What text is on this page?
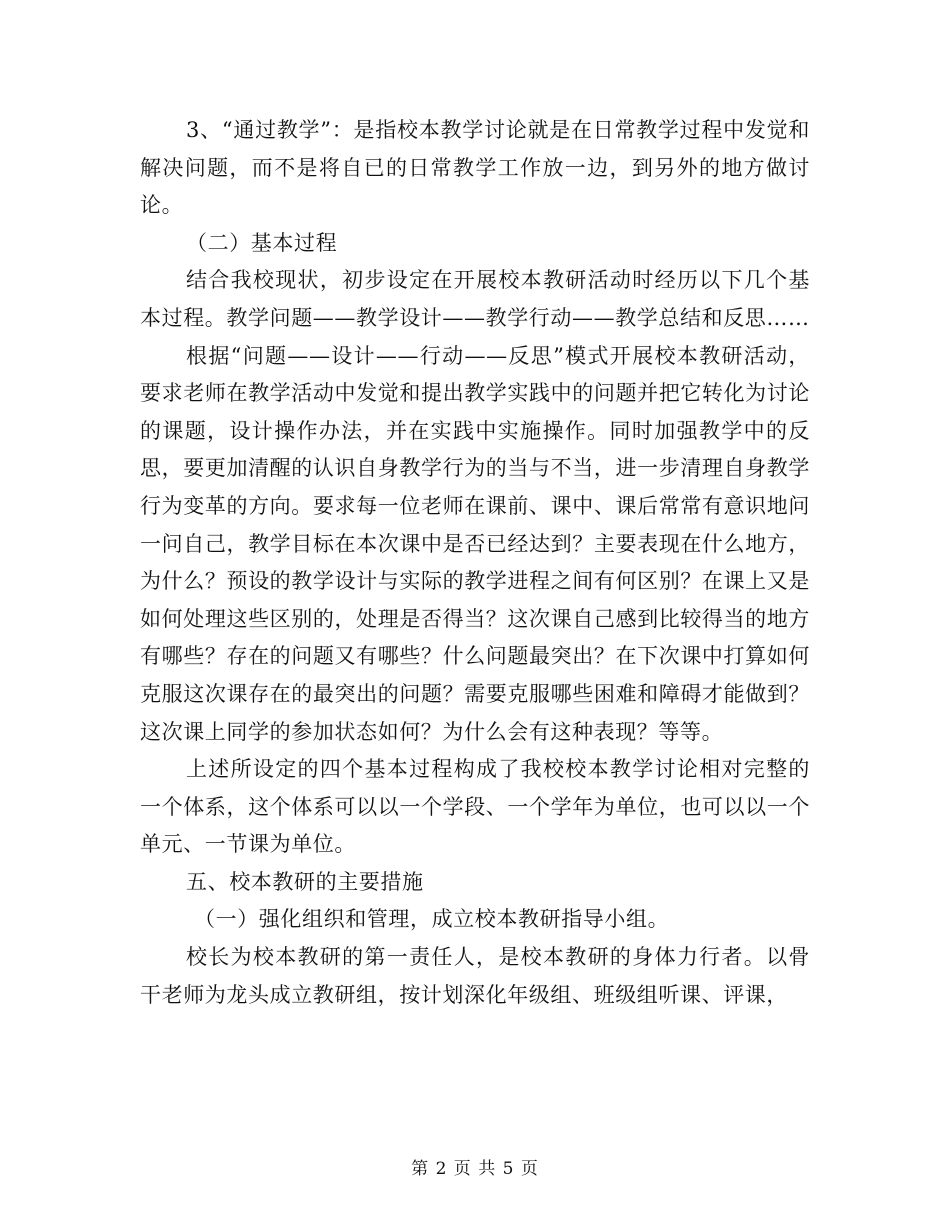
3、“通过教学”：是指校本教学讨论就是在日常教学过程中发觉和解决问题，而不是将自已的日常教学工作放一边，到另外的地方做讨论。

（二）基本过程

结合我校现状，初步设定在开展校本教研活动时经历以下几个基本过程。教学问题——教学设计——教学行动——教学总结和反思……

根据“问题——设计——行动——反思”模式开展校本教研活动，要求老师在教学活动中发觉和提出教学实践中的问题并把它转化为讨论的课题，设计操作办法，并在实践中实施操作。同时加强教学中的反思，要更加清醒的认识自身教学行为的当与不当，进一步清理自身教学行为变革的方向。要求每一位老师在课前、课中、课后常常有意识地问一问自己，教学目标在本次课中是否已经达到？主要表现在什么地方，为什么？预设的教学设计与实际的教学进程之间有何区别？在课上又是如何处理这些区别的，处理是否得当？这次课自己感到比较得当的地方有哪些？存在的问题又有哪些？什么问题最突出？在下次课中打算如何克服这次课存在的最突出的问题？需要克服哪些困难和障碍才能做到？这次课上同学的参加状态如何？为什么会有这种表现？等等。

上述所设定的四个基本过程构成了我校校本教学讨论相对完整的一个体系，这个体系可以以一个学段、一个学年为单位，也可以以一个单元、一节课为单位。

五、校本教研的主要措施

（一）强化组织和管理，成立校本教研指导小组。

校长为校本教研的第一责任人，是校本教研的身体力行者。以骨干老师为龙头成立教研组，按计划深化年级组、班级组听课、评课，

第 2 页 共 5 页
